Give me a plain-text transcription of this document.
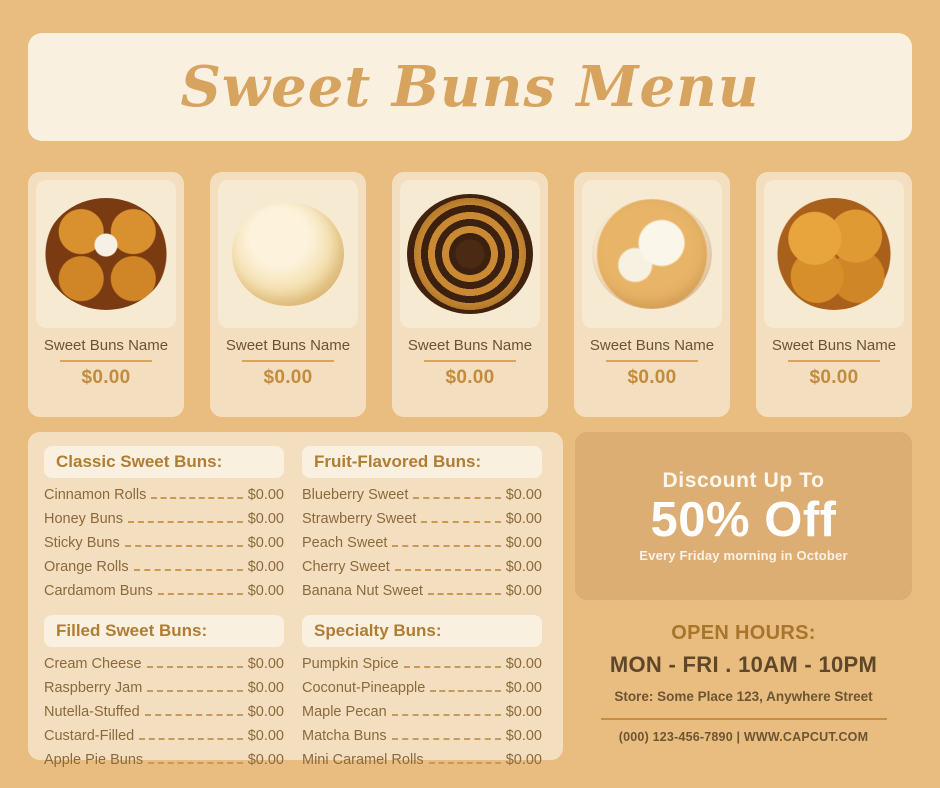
Sweet Buns Menu
Sweet Buns Name
$0.00
Sweet Buns Name
$0.00
Sweet Buns Name
$0.00
Sweet Buns Name
$0.00
Sweet Buns Name
$0.00
Classic Sweet Buns:
Cinnamon Rolls	$0.00
Honey Buns	$0.00
Sticky Buns	$0.00
Orange Rolls	$0.00
Cardamom Buns	$0.00
Filled Sweet Buns:
Cream Cheese	$0.00
Raspberry Jam	$0.00
Nutella-Stuffed	$0.00
Custard-Filled	$0.00
Apple Pie Buns	$0.00
Fruit-Flavored Buns:
Blueberry Sweet	$0.00
Strawberry Sweet	$0.00
Peach Sweet	$0.00
Cherry Sweet	$0.00
Banana Nut Sweet	$0.00
Specialty Buns:
Pumpkin Spice	$0.00
Coconut-Pineapple	$0.00
Maple Pecan	$0.00
Matcha Buns	$0.00
Mini Caramel Rolls	$0.00
Discount Up To
50% Off
Every Friday morning in October
OPEN HOURS:
MON - FRI . 10AM - 10PM
Store: Some Place 123, Anywhere Street
(000) 123-456-7890 | WWW.CAPCUT.COM
